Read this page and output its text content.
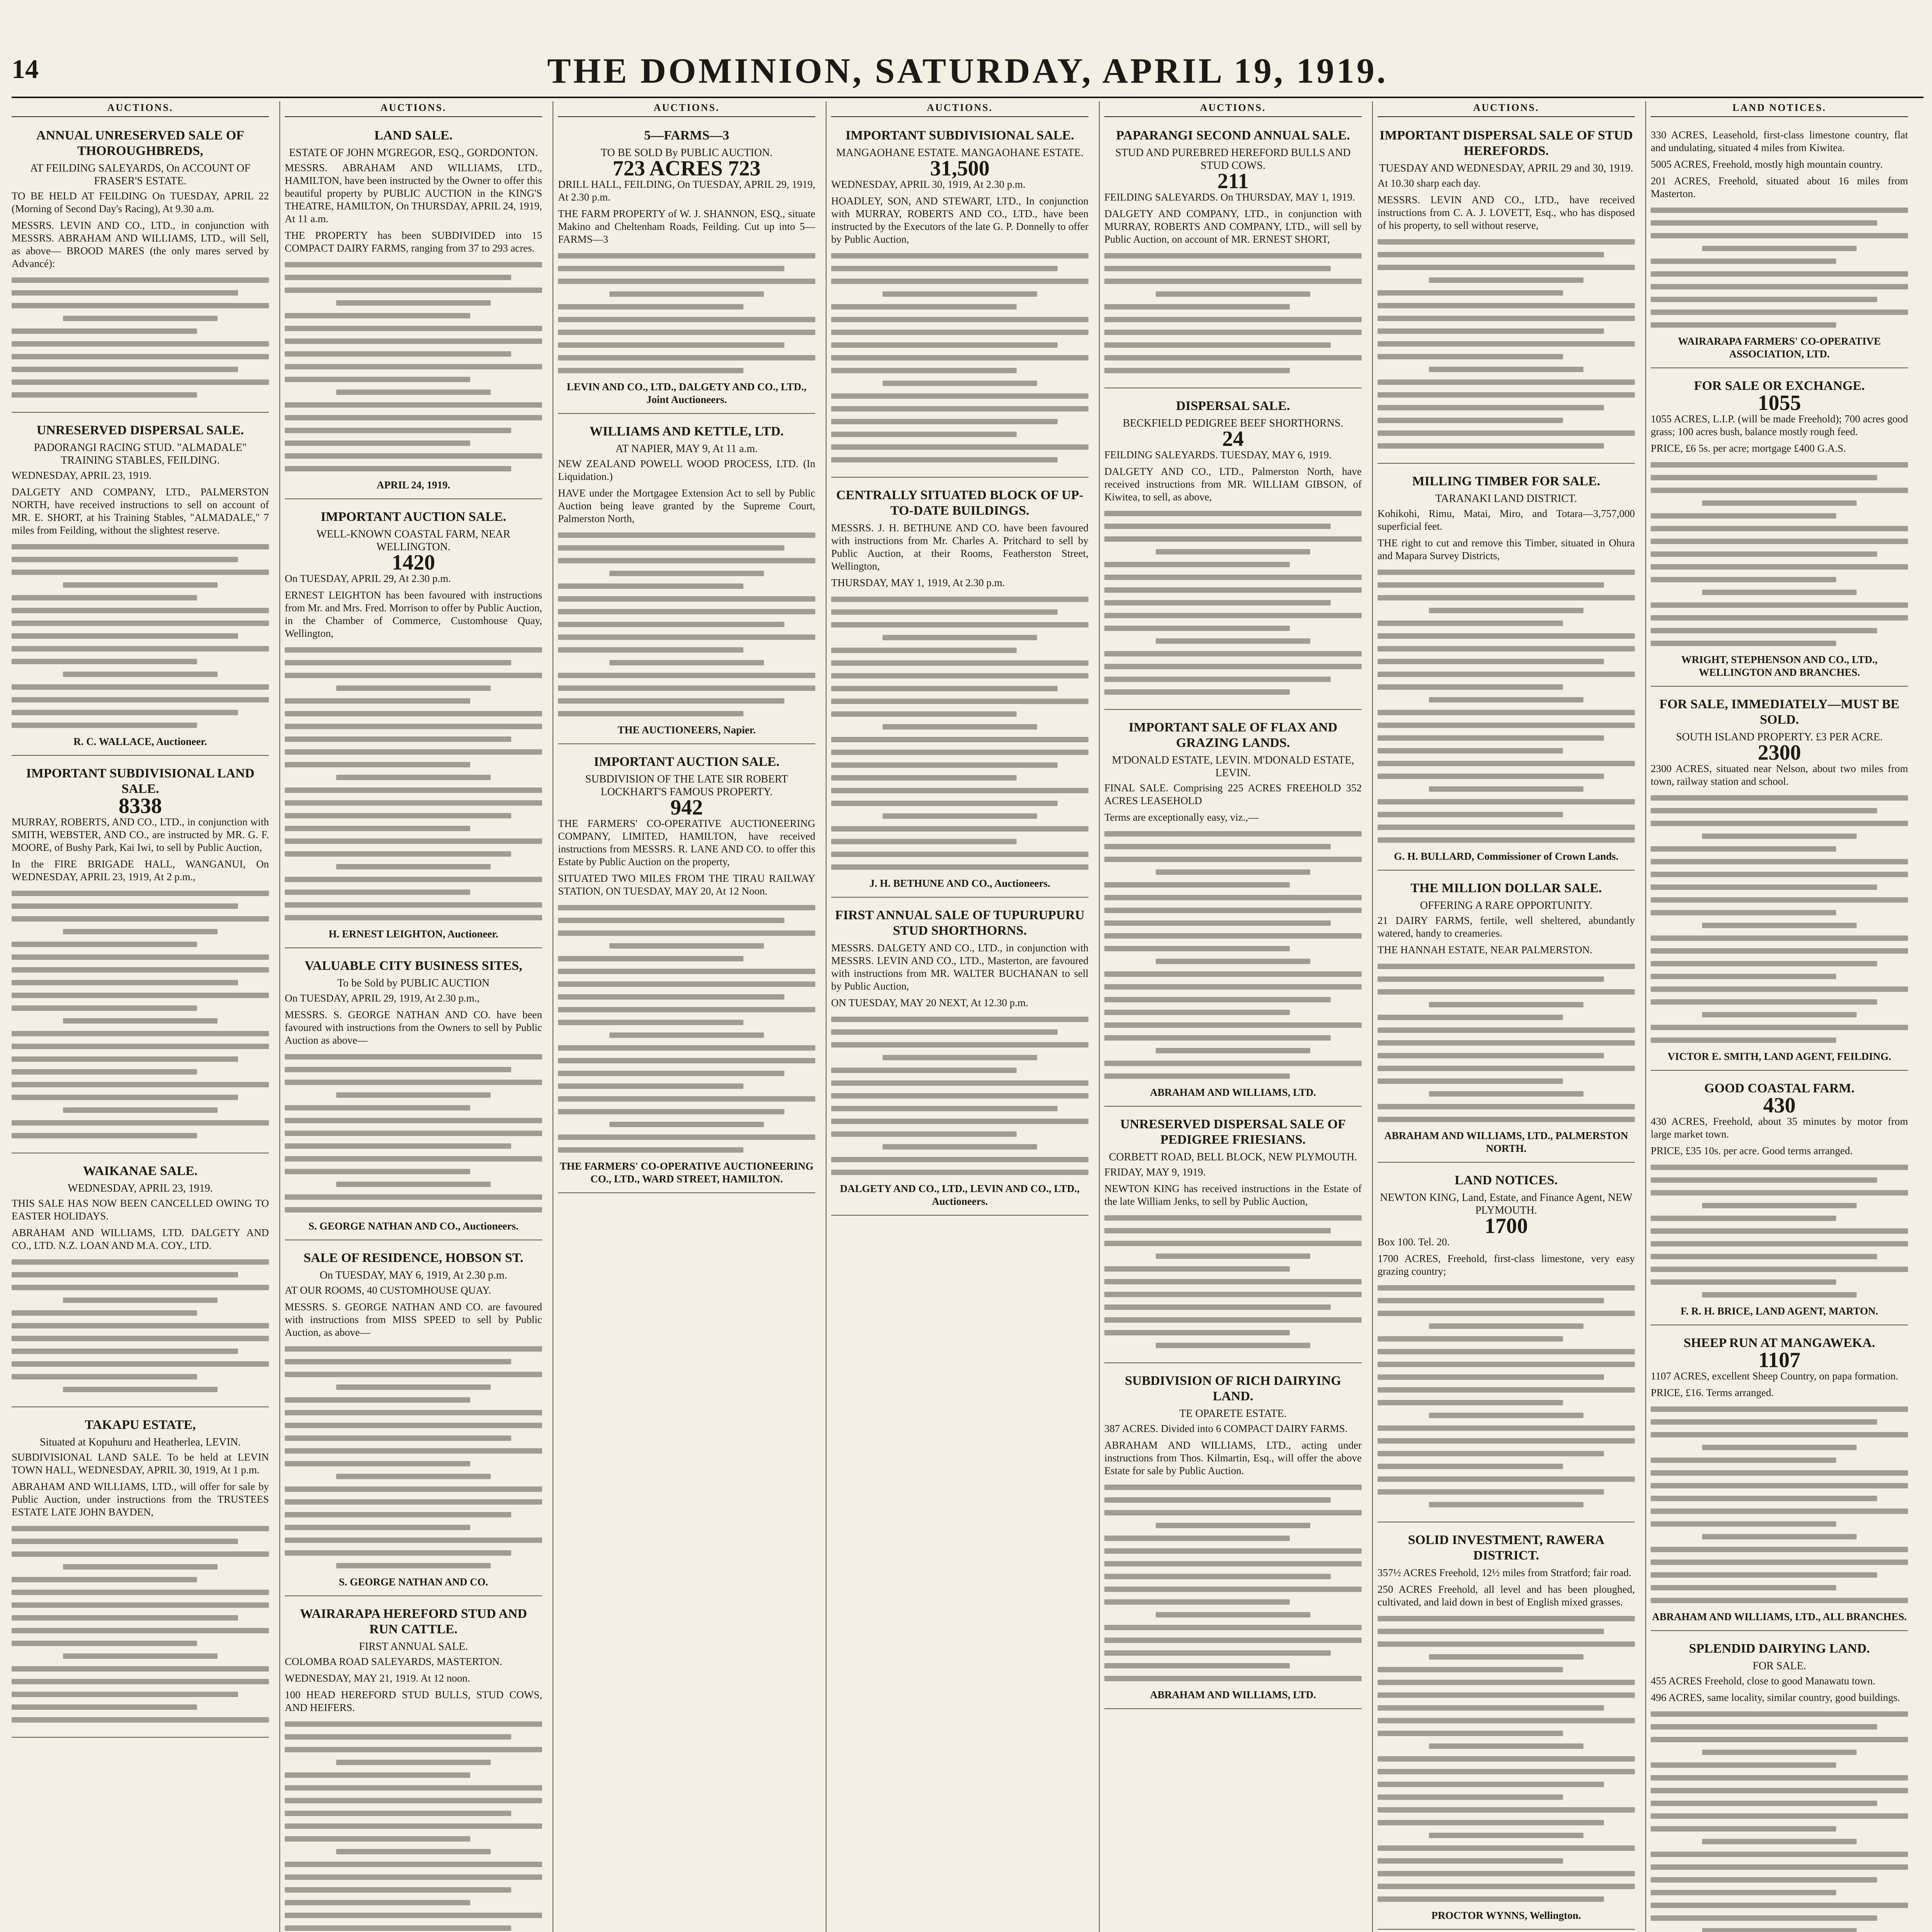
14	THE DOMINION, SATURDAY, APRIL 19, 1919.
AUCTIONS.
ANNUAL UNRESERVED SALE OF THOROUGHBREDS,
AT FEILDING SALEYARDS, On ACCOUNT OF FRASER'S ESTATE.

TO BE HELD AT FEILDING On TUESDAY, APRIL 22 (Morning of Second Day's Racing), At 9.30 a.m.

MESSRS. LEVIN AND CO., LTD., in conjunction with MESSRS. ABRAHAM AND WILLIAMS, LTD., will Sell, as above— BROOD MARES (the only mares served by Advancé):

UNRESERVED DISPERSAL SALE.
PADORANGI RACING STUD. "ALMADALE" TRAINING STABLES, FEILDING.

WEDNESDAY, APRIL 23, 1919.

DALGETY AND COMPANY, LTD., PALMERSTON NORTH, have received instructions to sell on account of MR. E. SHORT, at his Training Stables, "ALMADALE," 7 miles from Feilding, without the slightest reserve.

R. C. WALLACE, Auctioneer.
IMPORTANT SUBDIVISIONAL LAND SALE.
8338

MURRAY, ROBERTS, AND CO., LTD., in conjunction with SMITH, WEBSTER, AND CO., are instructed by MR. G. F. MOORE, of Bushy Park, Kai Iwi, to sell by Public Auction,

In the FIRE BRIGADE HALL, WANGANUI, On WEDNESDAY, APRIL 23, 1919, At 2 p.m.,

WAIKANAE SALE.
WEDNESDAY, APRIL 23, 1919.

THIS SALE HAS NOW BEEN CANCELLED OWING TO EASTER HOLIDAYS.

ABRAHAM AND WILLIAMS, LTD. DALGETY AND CO., LTD. N.Z. LOAN AND M.A. COY., LTD.

TAKAPU ESTATE,
Situated at Kopuhuru and Heatherlea, LEVIN.

SUBDIVISIONAL LAND SALE. To be held at LEVIN TOWN HALL, WEDNESDAY, APRIL 30, 1919, At 1 p.m.

ABRAHAM AND WILLIAMS, LTD., will offer for sale by Public Auction, under instructions from the TRUSTEES ESTATE LATE JOHN BAYDEN,

AUCTIONS.
LAND SALE.
ESTATE OF JOHN M'GREGOR, ESQ., GORDONTON.

MESSRS. ABRAHAM AND WILLIAMS, LTD., HAMILTON, have been instructed by the Owner to offer this beautiful property by PUBLIC AUCTION in the KING'S THEATRE, HAMILTON, On THURSDAY, APRIL 24, 1919, At 11 a.m.

THE PROPERTY has been SUBDIVIDED into 15 COMPACT DAIRY FARMS, ranging from 37 to 293 acres.

APRIL 24, 1919.
IMPORTANT AUCTION SALE.
WELL-KNOWN COASTAL FARM, NEAR WELLINGTON.
1420

On TUESDAY, APRIL 29, At 2.30 p.m.

ERNEST LEIGHTON has been favoured with instructions from Mr. and Mrs. Fred. Morrison to offer by Public Auction, in the Chamber of Commerce, Customhouse Quay, Wellington,

H. ERNEST LEIGHTON, Auctioneer.
VALUABLE CITY BUSINESS SITES,
To be Sold by PUBLIC AUCTION

On TUESDAY, APRIL 29, 1919, At 2.30 p.m.,

MESSRS. S. GEORGE NATHAN AND CO. have been favoured with instructions from the Owners to sell by Public Auction as above—

S. GEORGE NATHAN AND CO., Auctioneers.
SALE OF RESIDENCE, HOBSON ST.
On TUESDAY, MAY 6, 1919, At 2.30 p.m.

AT OUR ROOMS, 40 CUSTOMHOUSE QUAY.

MESSRS. S. GEORGE NATHAN AND CO. are favoured with instructions from MISS SPEED to sell by Public Auction, as above—

S. GEORGE NATHAN AND CO.
WAIRARAPA HEREFORD STUD AND RUN CATTLE.
FIRST ANNUAL SALE.

COLOMBA ROAD SALEYARDS, MASTERTON.

WEDNESDAY, MAY 21, 1919. At 12 noon.

100 HEAD HEREFORD STUD BULLS, STUD COWS, AND HEIFERS.

AUCTIONS.
5—FARMS—3
TO BE SOLD By PUBLIC AUCTION.
723 ACRES 723

DRILL HALL, FEILDING, On TUESDAY, APRIL 29, 1919, At 2.30 p.m.

THE FARM PROPERTY of W. J. SHANNON, ESQ., situate Makino and Cheltenham Roads, Feilding. Cut up into 5—FARMS—3

LEVIN AND CO., LTD., DALGETY AND CO., LTD., Joint Auctioneers.
WILLIAMS AND KETTLE, LTD.
AT NAPIER, MAY 9, At 11 a.m.

NEW ZEALAND POWELL WOOD PROCESS, LTD. (In Liquidation.)

HAVE under the Mortgagee Extension Act to sell by Public Auction being leave granted by the Supreme Court, Palmerston North,

THE AUCTIONEERS, Napier.
IMPORTANT AUCTION SALE.
SUBDIVISION OF THE LATE SIR ROBERT LOCKHART'S FAMOUS PROPERTY.
942

THE FARMERS' CO-OPERATIVE AUCTIONEERING COMPANY, LIMITED, HAMILTON, have received instructions from MESSRS. R. LANE AND CO. to offer this Estate by Public Auction on the property,

SITUATED TWO MILES FROM THE TIRAU RAILWAY STATION, ON TUESDAY, MAY 20, At 12 Noon.

THE FARMERS' CO-OPERATIVE AUCTIONEERING CO., LTD., WARD STREET, HAMILTON.
AUCTIONS.
IMPORTANT SUBDIVISIONAL SALE.
MANGAOHANE ESTATE. MANGAOHANE ESTATE.
31,500

WEDNESDAY, APRIL 30, 1919, At 2.30 p.m.

HOADLEY, SON, AND STEWART, LTD., In conjunction with MURRAY, ROBERTS AND CO., LTD., have been instructed by the Executors of the late G. P. Donnelly to offer by Public Auction,

CENTRALLY SITUATED BLOCK OF UP-TO-DATE BUILDINGS.

MESSRS. J. H. BETHUNE AND CO. have been favoured with instructions from Mr. Charles A. Pritchard to sell by Public Auction, at their Rooms, Featherston Street, Wellington,

THURSDAY, MAY 1, 1919, At 2.30 p.m.

J. H. BETHUNE AND CO., Auctioneers.
FIRST ANNUAL SALE OF TUPURUPURU STUD SHORTHORNS.

MESSRS. DALGETY AND CO., LTD., in conjunction with MESSRS. LEVIN AND CO., LTD., Masterton, are favoured with instructions from MR. WALTER BUCHANAN to sell by Public Auction,

ON TUESDAY, MAY 20 NEXT, At 12.30 p.m.

DALGETY AND CO., LTD., LEVIN AND CO., LTD., Auctioneers.
AUCTIONS.
PAPARANGI SECOND ANNUAL SALE.
STUD AND PUREBRED HEREFORD BULLS AND STUD COWS.
211

FEILDING SALEYARDS. On THURSDAY, MAY 1, 1919.

DALGETY AND COMPANY, LTD., in conjunction with MURRAY, ROBERTS AND COMPANY, LTD., will sell by Public Auction, on account of MR. ERNEST SHORT,

DISPERSAL SALE.
BECKFIELD PEDIGREE BEEF SHORTHORNS.
24

FEILDING SALEYARDS. TUESDAY, MAY 6, 1919.

DALGETY AND CO., LTD., Palmerston North, have received instructions from MR. WILLIAM GIBSON, of Kiwitea, to sell, as above,

IMPORTANT SALE OF FLAX AND GRAZING LANDS.
M'DONALD ESTATE, LEVIN. M'DONALD ESTATE, LEVIN.

FINAL SALE. Comprising 225 ACRES FREEHOLD 352 ACRES LEASEHOLD

Terms are exceptionally easy, viz.,—

ABRAHAM AND WILLIAMS, LTD.
UNRESERVED DISPERSAL SALE OF PEDIGREE FRIESIANS.
CORBETT ROAD, BELL BLOCK, NEW PLYMOUTH.

FRIDAY, MAY 9, 1919.

NEWTON KING has received instructions in the Estate of the late William Jenks, to sell by Public Auction,

SUBDIVISION OF RICH DAIRYING LAND.
TE OPARETE ESTATE.

387 ACRES. Divided into 6 COMPACT DAIRY FARMS.

ABRAHAM AND WILLIAMS, LTD., acting under instructions from Thos. Kilmartin, Esq., will offer the above Estate for sale by Public Auction.

ABRAHAM AND WILLIAMS, LTD.
AUCTIONS.
IMPORTANT DISPERSAL SALE OF STUD HEREFORDS.
TUESDAY AND WEDNESDAY, APRIL 29 and 30, 1919.

At 10.30 sharp each day.

MESSRS. LEVIN AND CO., LTD., have received instructions from C. A. J. LOVETT, Esq., who has disposed of his property, to sell without reserve,

MILLING TIMBER FOR SALE.
TARANAKI LAND DISTRICT.

Kohikohi, Rimu, Matai, Miro, and Totara—3,757,000 superficial feet.

THE right to cut and remove this Timber, situated in Ohura and Mapara Survey Districts,

G. H. BULLARD, Commissioner of Crown Lands.
THE MILLION DOLLAR SALE.
OFFERING A RARE OPPORTUNITY.

21 DAIRY FARMS, fertile, well sheltered, abundantly watered, handy to creameries.

THE HANNAH ESTATE, NEAR PALMERSTON.

ABRAHAM AND WILLIAMS, LTD., PALMERSTON NORTH.
LAND NOTICES.
NEWTON KING, Land, Estate, and Finance Agent, NEW PLYMOUTH.
1700

Box 100. Tel. 20.

1700 ACRES, Freehold, first-class limestone, very easy grazing country;

SOLID INVESTMENT, RAWERA DISTRICT.

357½ ACRES Freehold, 12½ miles from Stratford; fair road.

250 ACRES Freehold, all level and has been ploughed, cultivated, and laid down in best of English mixed grasses.

PROCTOR WYNNS, Wellington.
LAND NOTICES.

330 ACRES, Leasehold, first-class limestone country, flat and undulating, situated 4 miles from Kiwitea.

5005 ACRES, Freehold, mostly high mountain country.

201 ACRES, Freehold, situated about 16 miles from Masterton.

WAIRARAPA FARMERS' CO-OPERATIVE ASSOCIATION, LTD.
FOR SALE OR EXCHANGE.
1055

1055 ACRES, L.I.P. (will be made Freehold); 700 acres good grass; 100 acres bush, balance mostly rough feed.

PRICE, £6 5s. per acre; mortgage £400 G.A.S.

WRIGHT, STEPHENSON AND CO., LTD., WELLINGTON AND BRANCHES.
FOR SALE, IMMEDIATELY—MUST BE SOLD.
SOUTH ISLAND PROPERTY. £3 PER ACRE.
2300

2300 ACRES, situated near Nelson, about two miles from town, railway station and school.

VICTOR E. SMITH, LAND AGENT, FEILDING.
GOOD COASTAL FARM.
430

430 ACRES, Freehold, about 35 minutes by motor from large market town.

PRICE, £35 10s. per acre. Good terms arranged.

F. R. H. BRICE, LAND AGENT, MARTON.
SHEEP RUN AT MANGAWEKA.
1107

1107 ACRES, excellent Sheep Country, on papa formation.

PRICE, £16. Terms arranged.

ABRAHAM AND WILLIAMS, LTD., ALL BRANCHES.
SPLENDID DAIRYING LAND.
FOR SALE.

455 ACRES Freehold, close to good Manawatu town.

496 ACRES, same locality, similar country, good buildings.
